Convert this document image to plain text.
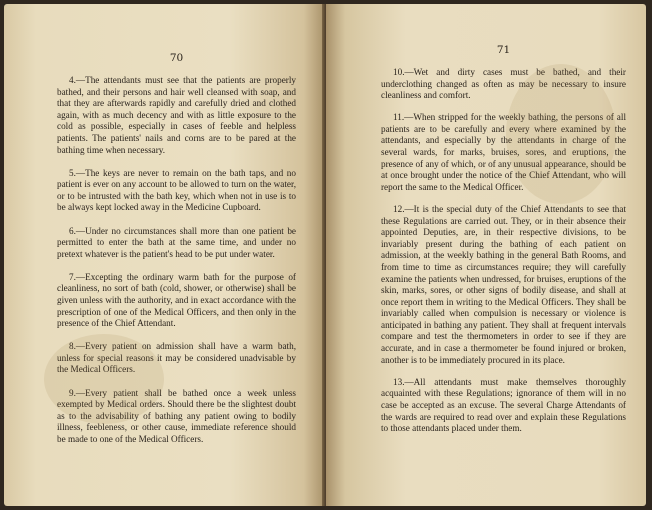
70

4.—The attendants must see that the patients are properly bathed, and their persons and hair well cleansed with soap, and that they are afterwards rapidly and carefully dried and clothed again, with as much decency and with as little exposure to the cold as possible, especially in cases of feeble and helpless patients. The patients' nails and corns are to be pared at the bathing time when necessary.

5.—The keys are never to remain on the bath taps, and no patient is ever on any account to be allowed to turn on the water, or to be intrusted with the bath key, which when not in use is to be always kept locked away in the Medicine Cupboard.

6.—Under no circumstances shall more than one patient be permitted to enter the bath at the same time, and under no pretext whatever is the patient's head to be put under water.

7.—Excepting the ordinary warm bath for the purpose of cleanliness, no sort of bath (cold, shower, or otherwise) shall be given unless with the authority, and in exact accordance with the prescription of one of the Medical Officers, and then only in the presence of the Chief Attendant.

8.—Every patient on admission shall have a warm bath, unless for special reasons it may be considered unadvisable by the Medical Officers.

9.—Every patient shall be bathed once a week unless exempted by Medical orders. Should there be the slightest doubt as to the advisability of bathing any patient owing to bodily illness, feebleness, or other cause, immediate reference should be made to one of the Medical Officers.

71

10.—Wet and dirty cases must be bathed, and their underclothing changed as often as may be necessary to insure cleanliness and comfort.

11.—When stripped for the weekly bathing, the persons of all patients are to be carefully and every where examined by the attendants, and especially by the attendants in charge of the several wards, for marks, bruises, sores, and eruptions, the presence of any of which, or of any unusual appearance, should be at once brought under the notice of the Chief Attendant, who will report the same to the Medical Officer.

12.—It is the special duty of the Chief Attendants to see that these Regulations are carried out. They, or in their absence their appointed Deputies, are, in their respective divisions, to be invariably present during the bathing of each patient on admission, at the weekly bathing in the general Bath Rooms, and from time to time as circumstances require; they will carefully examine the patients when undressed, for bruises, eruptions of the skin, marks, sores, or other signs of bodily disease, and shall at once report them in writing to the Medical Officers. They shall be invariably called when compulsion is necessary or violence is anticipated in bathing any patient. They shall at frequent intervals compare and test the thermometers in order to see if they are accurate, and in case a thermometer be found injured or broken, another is to be immediately procured in its place.

13.—All attendants must make themselves thoroughly acquainted with these Regulations; ignorance of them will in no case be accepted as an excuse. The several Charge Attendants of the wards are required to read over and explain these Regulations to those attendants placed under them.
